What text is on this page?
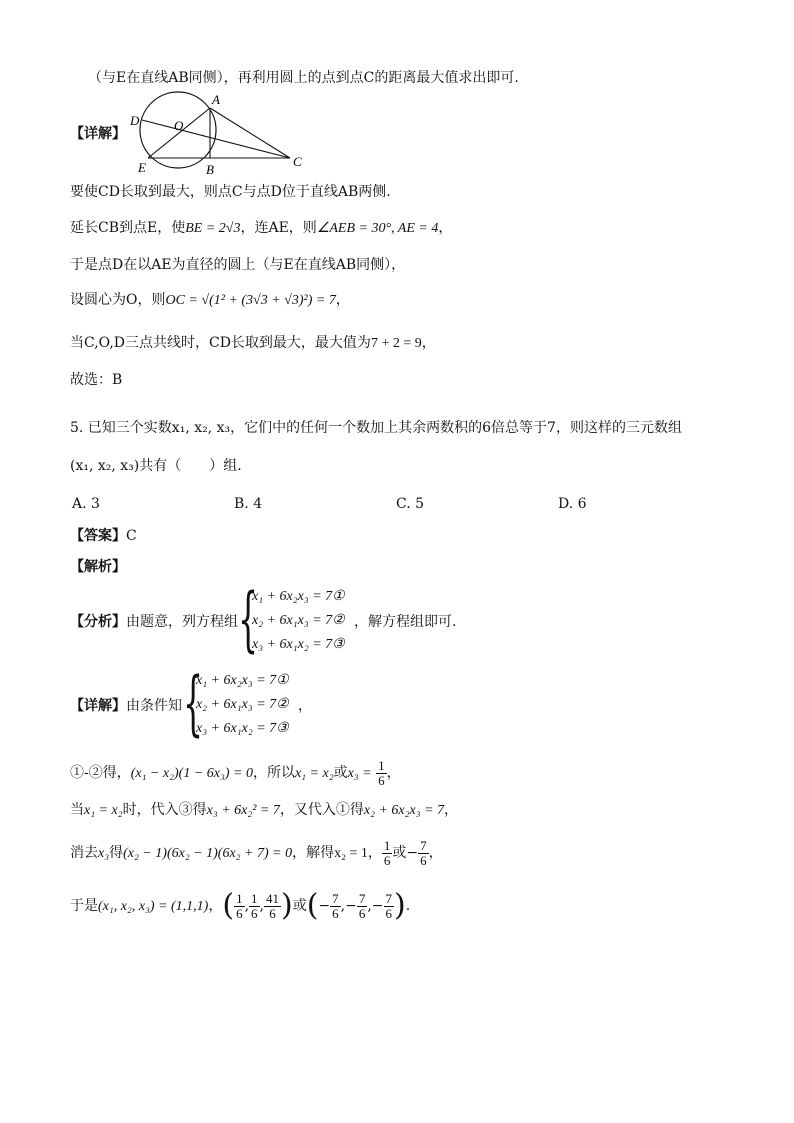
（与E在直线AB同侧），再利用圆上的点到点C的距离最大值求出即可.
【详解】
A
D	O
E	B
C
要使CD长取到最大，则点C与点D位于直线AB两侧.
延长CB到点E，使BE = 2√3，连AE，则∠AEB = 30°, AE = 4，
于是点D在以AE为直径的圆上（与E在直线AB同侧），
设圆心为O，则OC = √(1² + (3√3 + √3)²) = 7，
当C,O,D三点共线时，CD长取到最大，最大值为7 + 2 = 9，
故选：B
5. 已知三个实数x₁, x₂, x₃，它们中的任何一个数加上其余两数积的6倍总等于7，则这样的三元数组
(x₁, x₂, x₃)共有（　　）组.
A. 3	B. 4	C. 5	D. 6
【答案】C
【解析】
【分析】由题意，列方程组 {
x₁ + 6x₂x₃ = 7①
x₂ + 6x₁x₃ = 7②
x₃ + 6x₁x₂ = 7③
，解方程组即可.
【详解】由条件知 {
x₁ + 6x₂x₃ = 7①
x₂ + 6x₁x₃ = 7②
x₃ + 6x₁x₂ = 7③
，
①-②得，(x₁ − x₂)(1 − 6x₃) = 0，所以x₁ = x₂或$x_3 = \frac{1}{6}$ ，
当x₁ = x₂时，代入③得x₃ + 6x₂² = 7，又代入①得x₂ + 6x₂x₃ = 7，
消去x₃得(x₂ − 1)(6x₂ − 1)(6x₂ + 7) = 0，解得x₂ = 1， $\frac{1}{6}$ 或− $\frac{7}{6}$ ，
于是(x₁, x₂, x₃) = (1,1,1)，( $\frac{1}{6}$ , $\frac{1}{6}$ , $\frac{41}{6}$ )或(− $\frac{7}{6}$ ,− $\frac{7}{6}$ ,− $\frac{7}{6}$ ).
